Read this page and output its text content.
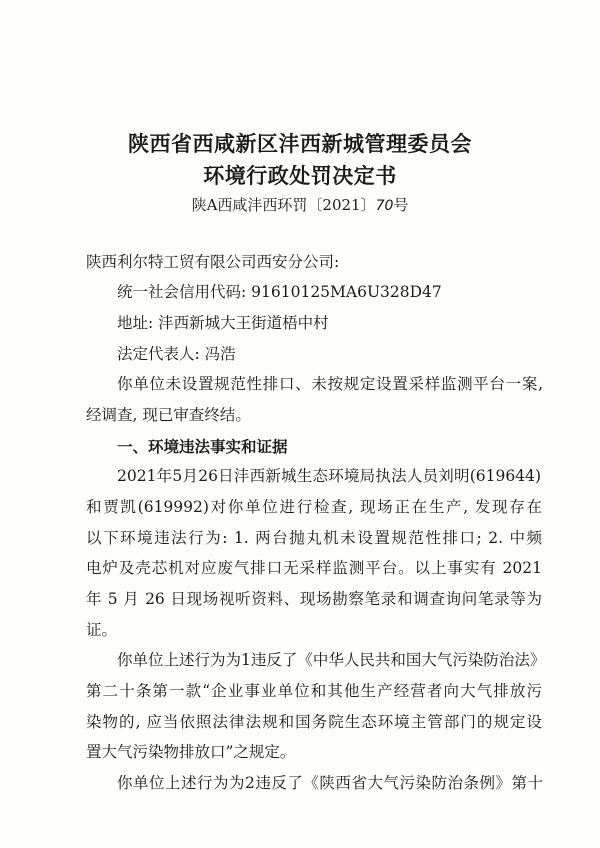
陕西省西咸新区沣西新城管理委员会
环境行政处罚决定书
陕A西咸沣西环罚〔2021〕70号
陕西利尔特工贸有限公司西安分公司:
统一社会信用代码: 91610125MA6U328D47
地址: 沣西新城大王街道梧中村
法定代表人: 冯浩
你单位未设置规范性排口、未按规定设置采样监测平台一案,
经调查, 现已审查终结。
一、环境违法事实和证据
2021年5月26日沣西新城生态环境局执法人员刘明(619644)
和贾凯(619992)对你单位进行检查, 现场正在生产, 发现存在
以下环境违法行为: 1. 两台抛丸机未设置规范性排口; 2. 中频
电炉及壳芯机对应废气排口无采样监测平台。以上事实有 2021
年 5 月 26 日现场视听资料、现场勘察笔录和调查询问笔录等为
证。
你单位上述行为为1违反了《中华人民共和国大气污染防治法》
第二十条第一款“企业事业单位和其他生产经营者向大气排放污
染物的, 应当依照法律法规和国务院生态环境主管部门的规定设
置大气污染物排放口”之规定。
你单位上述行为为2违反了《陕西省大气污染防治条例》第十
